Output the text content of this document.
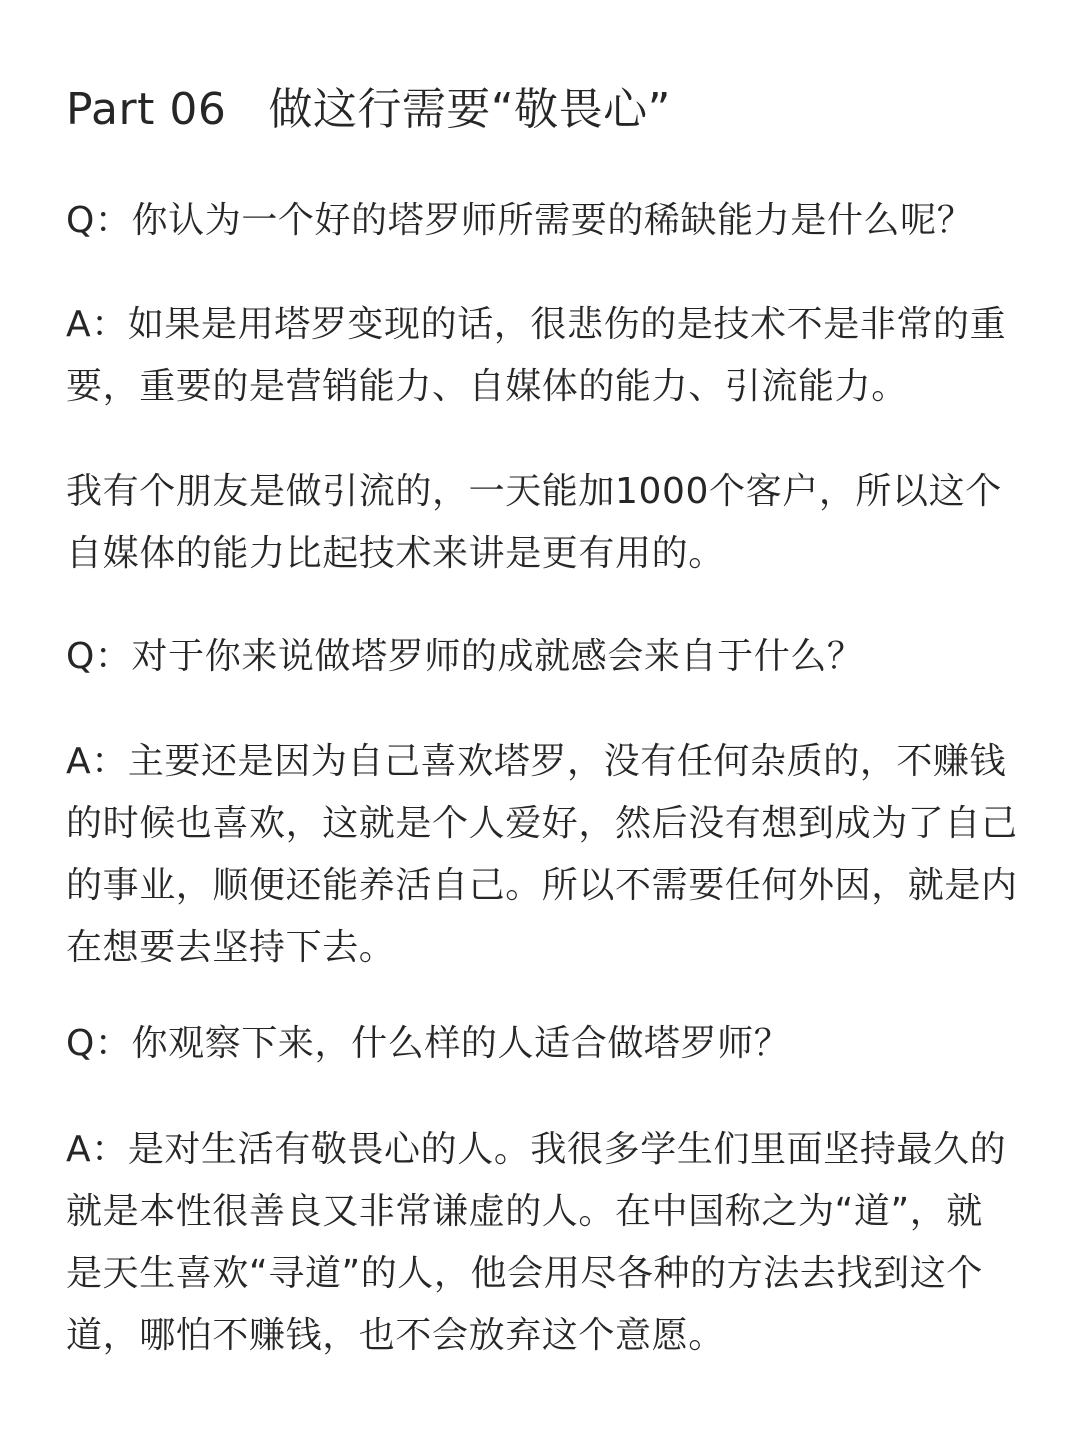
Part 06 做这行需要“敬畏心”

Q：你认为一个好的塔罗师所需要的稀缺能力是什么呢？

A：如果是用塔罗变现的话，很悲伤的是技术不是非常的重要，重要的是营销能力、自媒体的能力、引流能力。

我有个朋友是做引流的，一天能加1000个客户，所以这个自媒体的能力比起技术来讲是更有用的。

Q：对于你来说做塔罗师的成就感会来自于什么？

A：主要还是因为自己喜欢塔罗，没有任何杂质的，不赚钱的时候也喜欢，这就是个人爱好，然后没有想到成为了自己的事业，顺便还能养活自己。所以不需要任何外因，就是内在想要去坚持下去。

Q：你观察下来，什么样的人适合做塔罗师？

A：是对生活有敬畏心的人。我很多学生们里面坚持最久的就是本性很善良又非常谦虚的人。在中国称之为“道”，就是天生喜欢“寻道”的人，他会用尽各种的方法去找到这个道，哪怕不赚钱，也不会放弃这个意愿。
